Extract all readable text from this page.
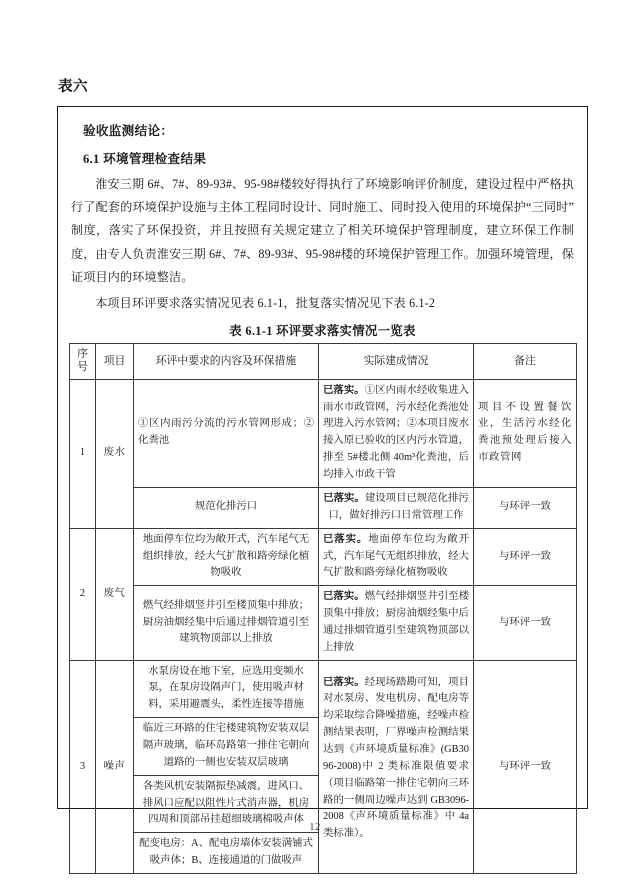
表六
验收监测结论：
6.1 环境管理检查结果

淮安三期 6#、7#、89-93#、95-98#楼较好得执行了环境影响评价制度，建设过程中严格执行了配套的环境保护设施与主体工程同时设计、同时施工、同时投入使用的环境保护“三同时”制度，落实了环保投资，并且按照有关规定建立了相关环境保护管理制度，建立环保工作制度，由专人负责淮安三期 6#、7#、89-93#、95-98#楼的环境保护管理工作。加强环境管理，保证项目内的环境整洁。

本项目环评要求落实情况见表 6.1-1，批复落实情况见下表 6.1-2

表 6.1-1 环评要求落实情况一览表
序
号	项目	环评中要求的内容及环保措施	实际建成情况	备注
1	废水	①区内雨污分流的污水管网形成；②化粪池	已落实。①区内雨水经收集进入雨水市政管网，污水经化粪池处理进入污水管网；②本项目废水接入原已验收的区内污水管道，排至 5#楼北侧 40m³化粪池，后均排入市政干管	项目不设置餐饮业，生活污水经化粪池预处理后接入市政管网
		规范化排污口	已落实。建设项目已规范化排污口，做好排污口日常管理工作	与环评一致
2	废气	地面停车位均为敞开式，汽车尾气无组织排放，经大气扩散和路旁绿化植物吸收	已落实。地面停车位均为敞开式，汽车尾气无组织排放，经大气扩散和路旁绿化植物吸收	与环评一致
		燃气经排烟竖井引至楼顶集中排放；厨房油烟经集中后通过排烟管道引至建筑物顶部以上排放	已落实。燃气经排烟竖井引至楼顶集中排放；厨房油烟经集中后通过排烟管道引至建筑物顶部以上排放	与环评一致
3	噪声	水泵房设在地下室，应选用变频水泵，在泵房设隔声门，使用吸声材料，采用避震头，柔性连接等措施	已落实。经现场踏勘可知，项目对水泵房、发电机房、配电房等均采取综合降噪措施，经噪声检测结果表明，厂界噪声检测结果达到《声环境质量标准》(GB3096-2008)中 2 类标准限值要求（项目临路第一排住宅朝向三环路的一侧周边噪声达到 GB3096-2008《声环境质量标准》中 4a 类标准）。	与环评一致
		临近三环路的住宅楼建筑物安装双层隔声玻璃，临环岛路第一排住宅朝向道路的一侧也安装双层玻璃		
		各类风机安装隔振垫减震，进风口、排风口应配以阻性片式消声器，机房四周和顶部吊挂超细玻璃棉吸声体		
		配变电房：A、配电房墙体安装满铺式吸声体；B、连接通道的门做吸声		
12
